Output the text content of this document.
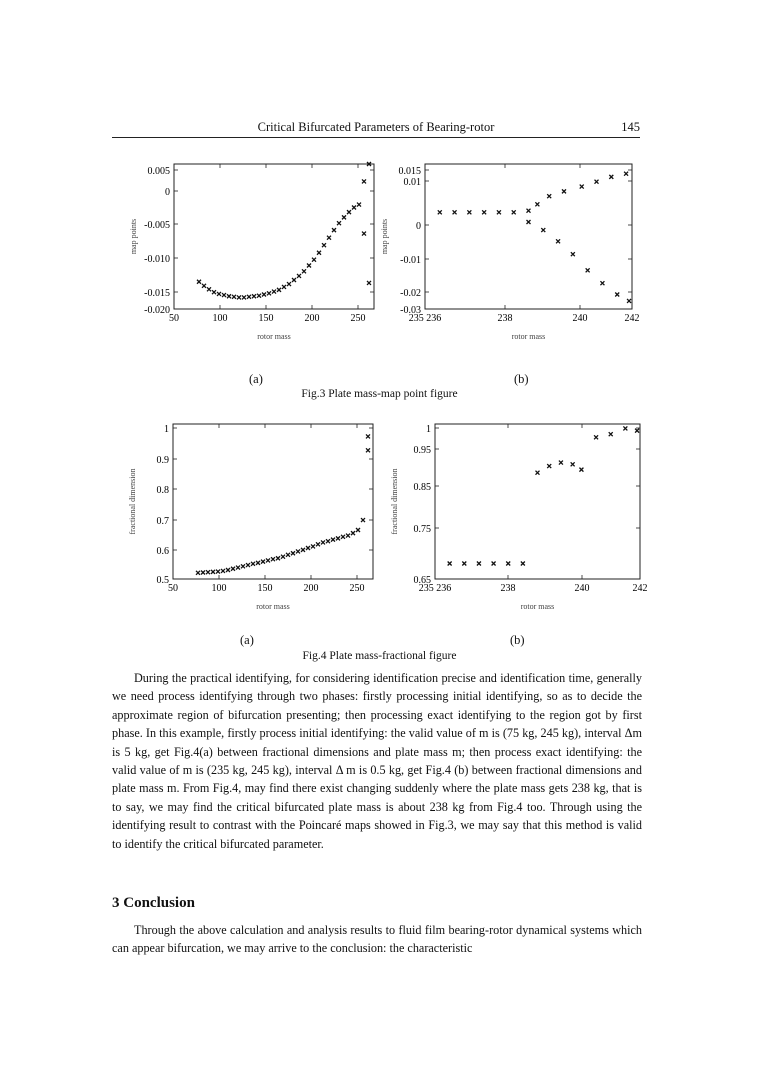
Critical Bifurcated Parameters of Bearing-rotor	145
0.005
0
-0.005
-0.010
-0.015
-0.020
50	100	150	200	250
rotor mass
map points
0.015
0.01
0
-0.01
-0.02
-0.03
235 236	238	240	242
rotor mass
map points
(a)	(b)
Fig.3 Plate mass-map point figure
1
0.9
0.8
0.7
0.6
0.5
50	100	150	200	250
rotor mass
fractional dimension
1
0.95
0.85
0.75
0.65
235 236	238	240	242
rotor mass
fractional dimension
(a)	(b)
Fig.4 Plate mass-fractional figure

During the practical identifying, for considering identification precise and identification time, generally we need process identifying through two phases: firstly processing initial identifying, so as to decide the approximate region of bifurcation presenting; then processing exact identifying to the region got by first phase. In this example, firstly process initial identifying: the valid value of m is (75 kg, 245 kg), interval Δm is 5 kg, get Fig.4(a) between fractional dimensions and plate mass m; then process exact identifying: the valid value of m is (235 kg, 245 kg), interval Δ m is 0.5 kg, get Fig.4 (b) between fractional dimensions and plate mass m. From Fig.4, may find there exist changing suddenly where the plate mass gets 238 kg, that is to say, we may find the critical bifurcated plate mass is about 238 kg from Fig.4 too. Through using the identifying result to contrast with the Poincaré maps showed in Fig.3, we may say that this method is valid to identify the critical bifurcated parameter.

3 Conclusion

Through the above calculation and analysis results to fluid film bearing-rotor dynamical systems which can appear bifurcation, we may arrive to the conclusion: the characteristic
